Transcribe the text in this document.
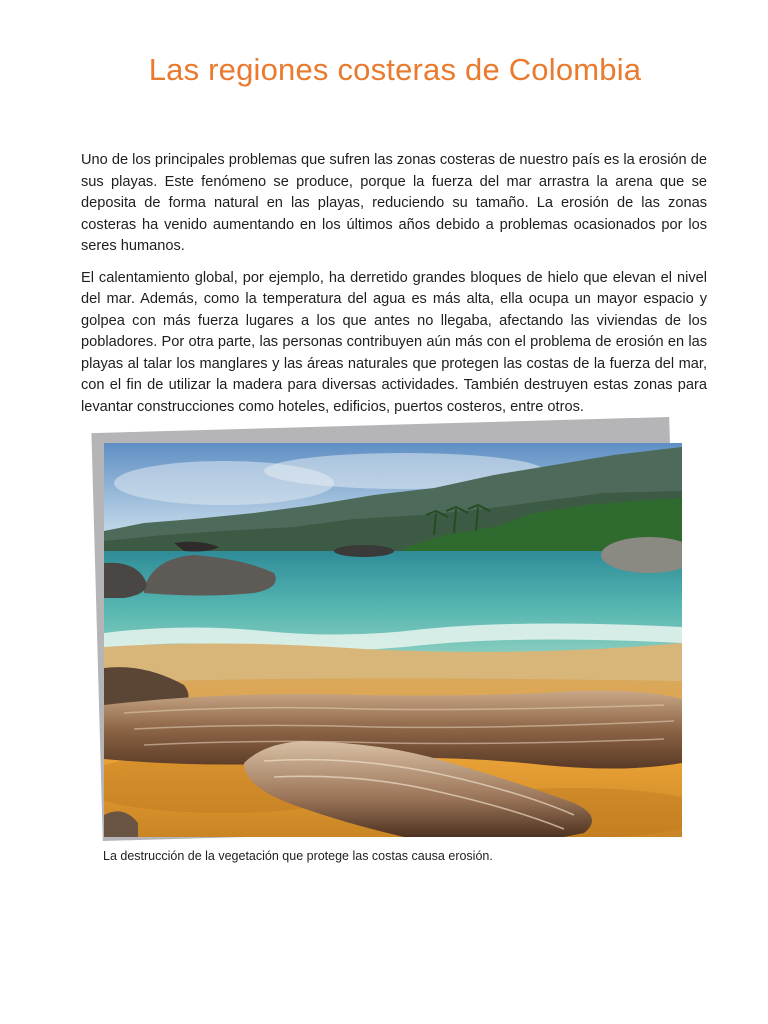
Las regiones costeras de Colombia

Uno de los principales problemas que sufren las zonas costeras de nuestro país es la erosión de sus playas. Este fenómeno se produce, porque la fuerza del mar arrastra la arena que se deposita de forma natural en las playas, reduciendo su tamaño. La erosión de las zonas costeras ha venido aumentando en los últimos años debido a problemas ocasionados por los seres humanos.

El calentamiento global, por ejemplo, ha derretido grandes bloques de hielo que elevan el nivel del mar. Además, como la temperatura del agua es más alta, ella ocupa un mayor espacio y golpea con más fuerza lugares a los que antes no llegaba, afectando las viviendas de los pobladores. Por otra parte, las personas contribuyen aún más con el problema de erosión en las playas al talar los manglares y las áreas naturales que protegen las costas de la fuerza del mar, con el fin de utilizar la madera para diversas actividades. También destruyen estas zonas para levantar construcciones como hoteles, edificios, puertos costeros, entre otros.

La destrucción de la vegetación que protege las costas causa erosión.
